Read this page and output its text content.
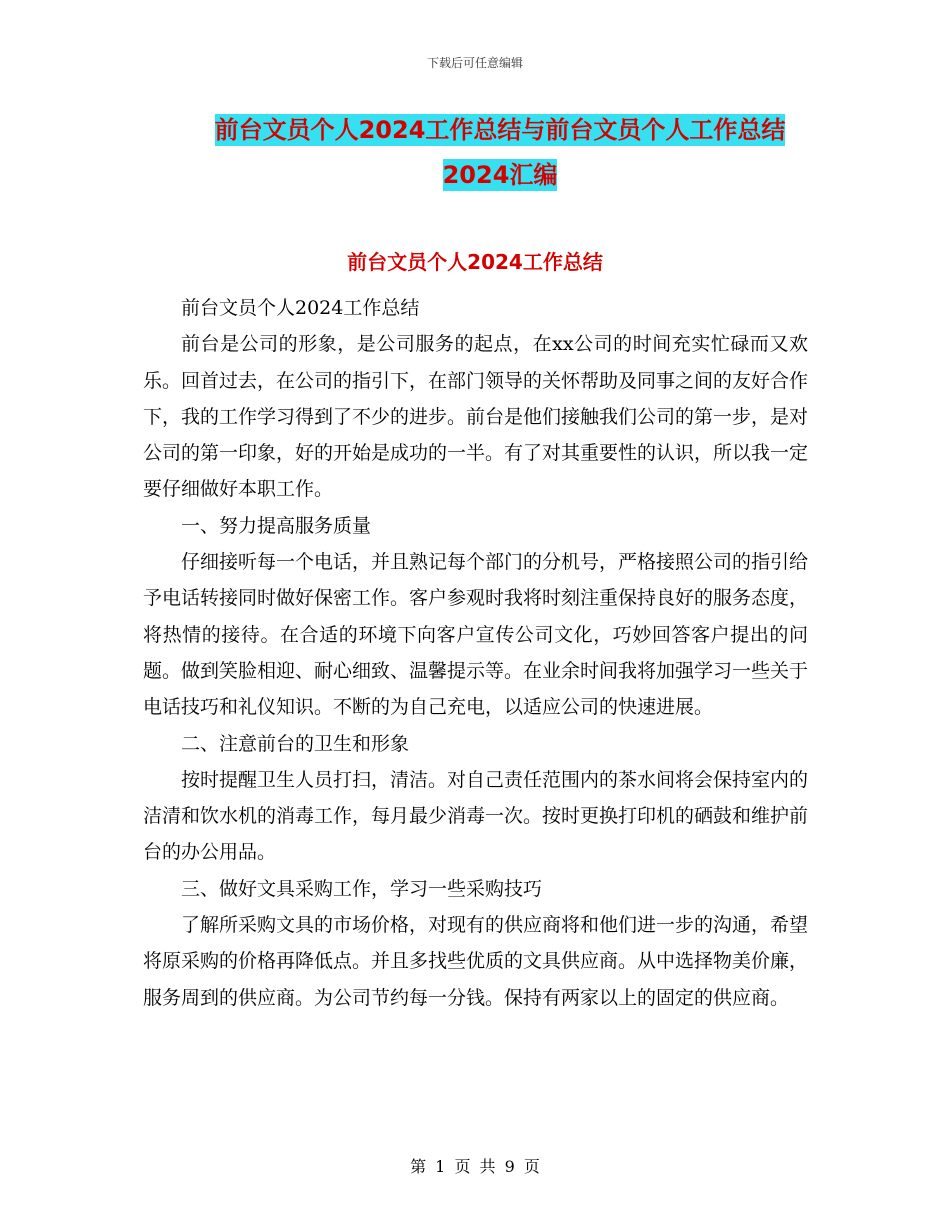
下载后可任意编辑
前台文员个人2024工作总结与前台文员个人工作总结
2024汇编
前台文员个人2024工作总结

前台文员个人2024工作总结

前台是公司的形象，是公司服务的起点，在xx公司的时间充实忙碌而又欢乐。回首过去，在公司的指引下，在部门领导的关怀帮助及同事之间的友好合作下，我的工作学习得到了不少的进步。前台是他们接触我们公司的第一步，是对公司的第一印象，好的开始是成功的一半。有了对其重要性的认识，所以我一定要仔细做好本职工作。

一、努力提高服务质量

仔细接听每一个电话，并且熟记每个部门的分机号，严格接照公司的指引给予电话转接同时做好保密工作。客户参观时我将时刻注重保持良好的服务态度，将热情的接待。在合适的环境下向客户宣传公司文化，巧妙回答客户提出的问题。做到笑脸相迎、耐心细致、温馨提示等。在业余时间我将加强学习一些关于电话技巧和礼仪知识。不断的为自己充电，以适应公司的快速进展。

二、注意前台的卫生和形象

按时提醒卫生人员打扫，清洁。对自己责任范围内的茶水间将会保持室内的洁清和饮水机的消毒工作，每月最少消毒一次。按时更换打印机的硒鼓和维护前台的办公用品。

三、做好文具采购工作，学习一些采购技巧

了解所采购文具的市场价格，对现有的供应商将和他们进一步的沟通，希望将原采购的价格再降低点。并且多找些优质的文具供应商。从中选择物美价廉，服务周到的供应商。为公司节约每一分钱。保持有两家以上的固定的供应商。

第 1 页 共 9 页
